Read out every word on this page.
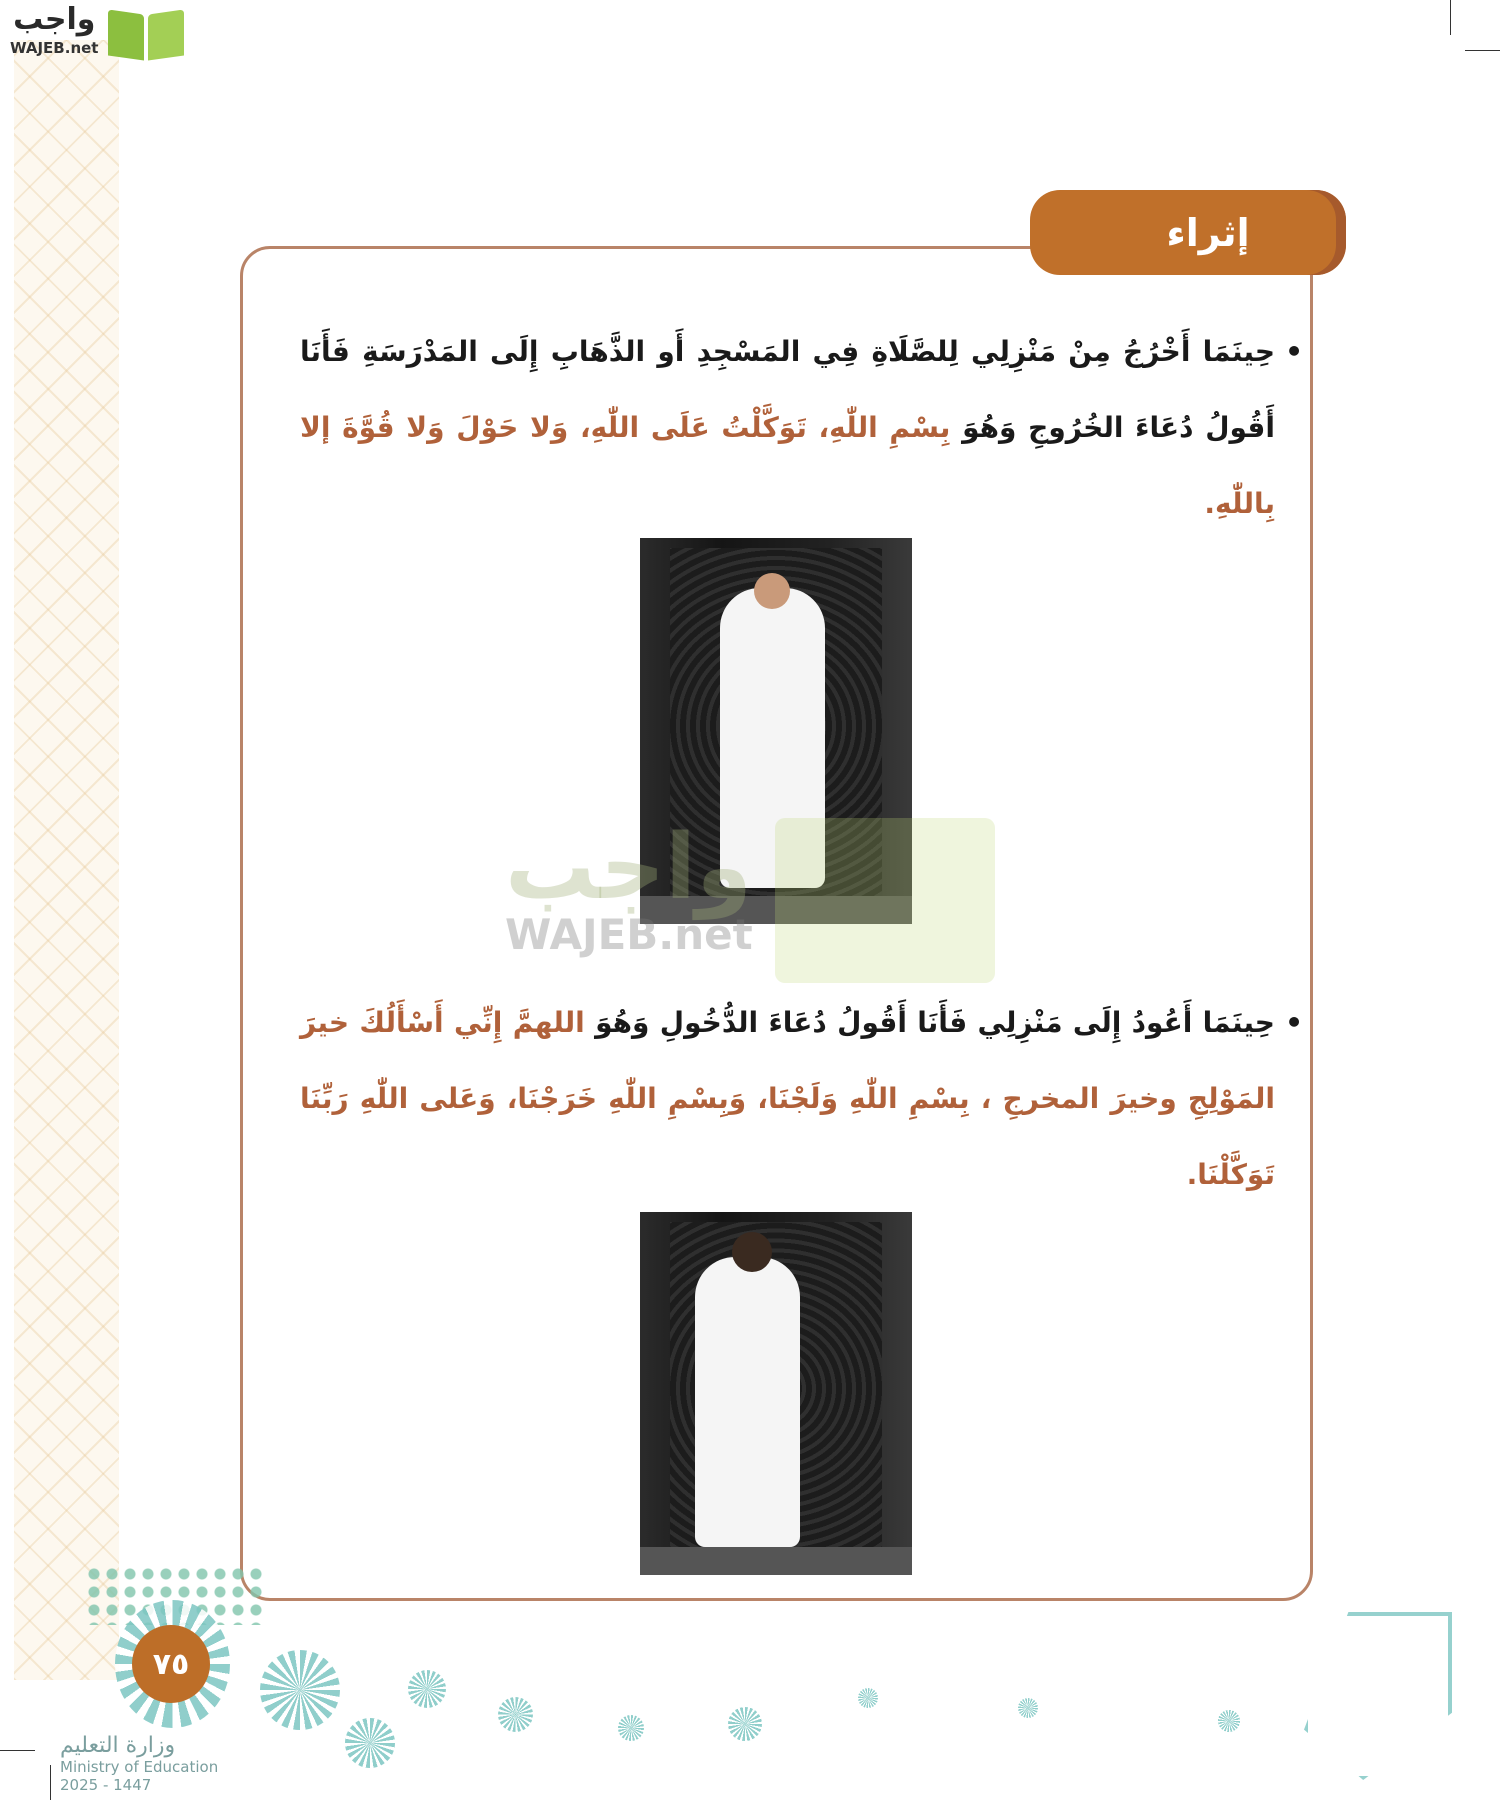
واجب
WAJEB.net
إثراء
•
حِينَمَا أَخْرُجُ مِنْ مَنْزِلِي لِلصَّلَاةِ فِي المَسْجِدِ أَو الذَّهَابِ إِلَى المَدْرَسَةِ فَأَنَا أَقُولُ دُعَاءَ الخُرُوجِ وَهُوَ بِسْمِ اللّٰهِ، تَوَكَّلْتُ عَلَى اللّٰهِ، وَلا حَوْلَ وَلا قُوَّةَ إلا بِاللّٰهِ.
واجب
WAJEB.net
•
حِينَمَا أَعُودُ إِلَى مَنْزِلِي فَأَنَا أَقُولُ دُعَاءَ الدُّخُولِ وَهُوَ اللهمَّ إِنِّي أَسْأَلُكَ خيرَ المَوْلِجِ وخيرَ المخرجِ ، بِسْمِ اللّٰهِ وَلَجْنَا، وَبِسْمِ اللّٰهِ خَرَجْنَا، وَعَلى اللّٰهِ رَبِّنَا تَوَكَّلْنَا.
٧٥
وزارة التعليم
Ministry of Education
2025 - 1447
